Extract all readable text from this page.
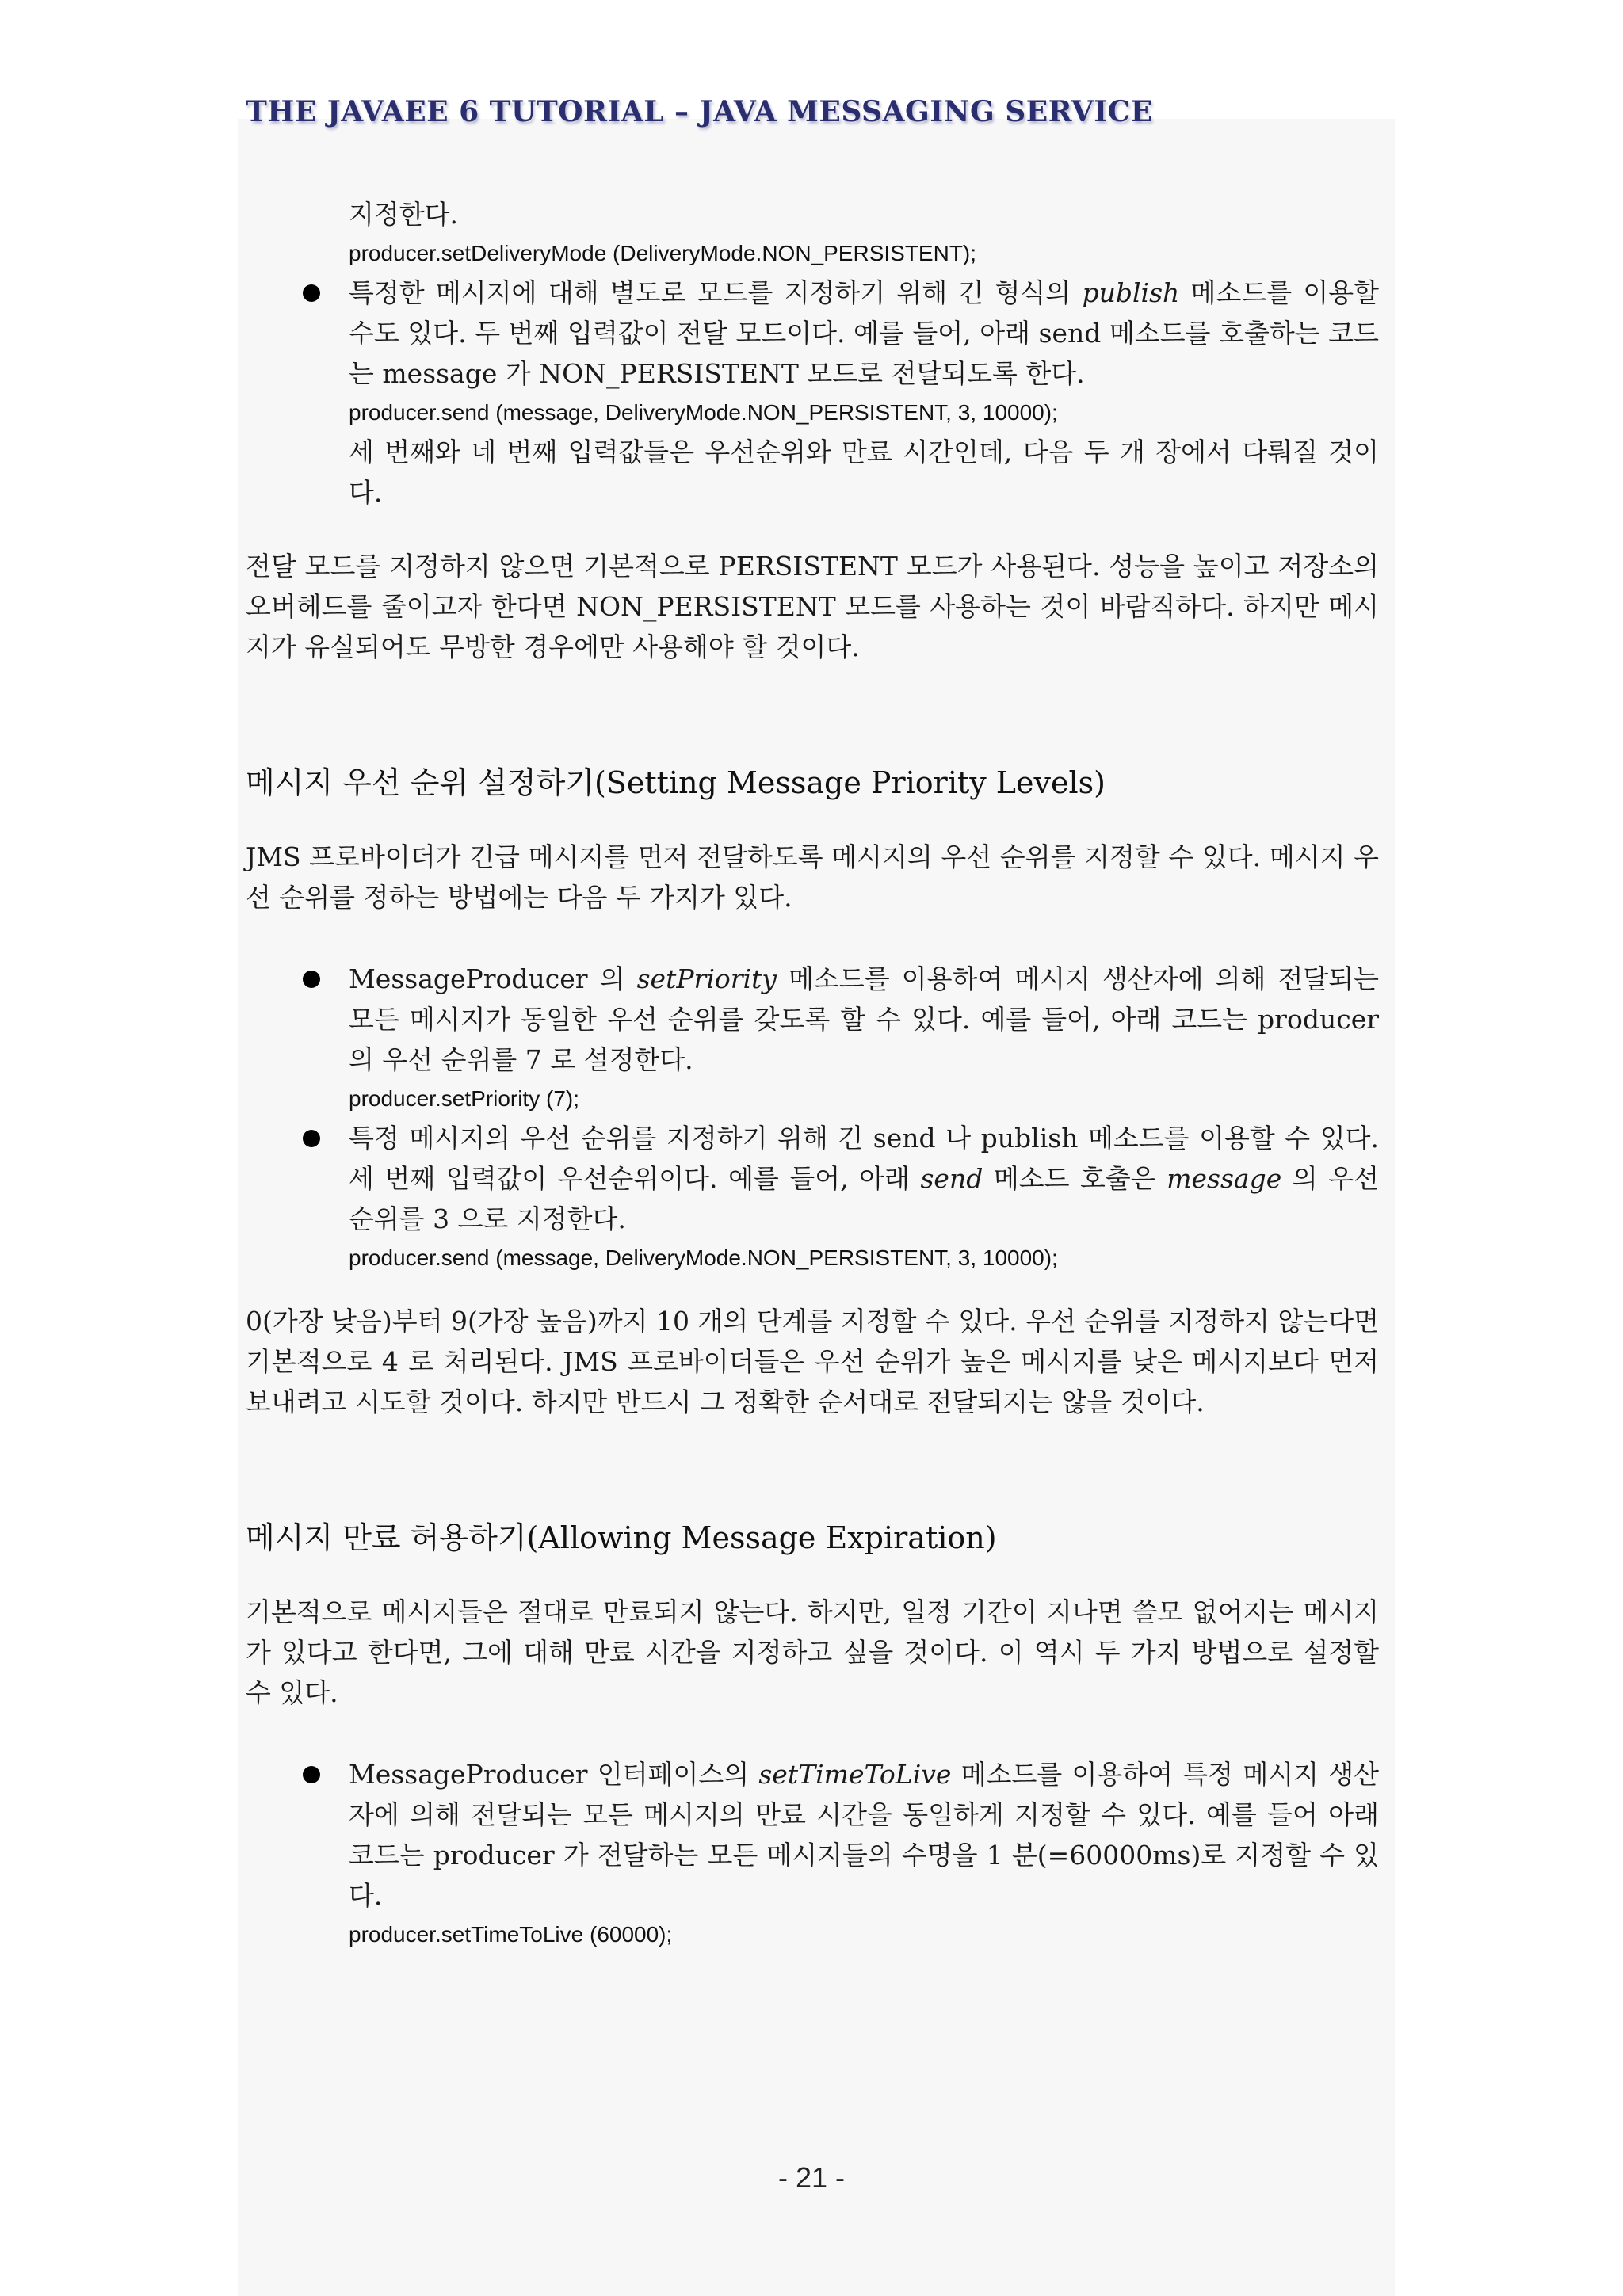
THE JAVAEE 6 TUTORIAL – JAVA MESSAGING SERVICE

지정한다.

producer.setDeliveryMode (DeliveryMode.NON_PERSISTENT);
특정한 메시지에 대해 별도로 모드를 지정하기 위해 긴 형식의 publish 메소드를 이용할 수도 있다. 두 번째 입력값이 전달 모드이다. 예를 들어, 아래 send 메소드를 호출하는 코드는 message 가 NON_PERSISTENT 모드로 전달되도록 한다.
producer.send (message, DeliveryMode.NON_PERSISTENT, 3, 10000);

세 번째와 네 번째 입력값들은 우선순위와 만료 시간인데, 다음 두 개 장에서 다뤄질 것이다.

전달 모드를 지정하지 않으면 기본적으로 PERSISTENT 모드가 사용된다. 성능을 높이고 저장소의 오버헤드를 줄이고자 한다면 NON_PERSISTENT 모드를 사용하는 것이 바람직하다. 하지만 메시지가 유실되어도 무방한 경우에만 사용해야 할 것이다.

메시지 우선 순위 설정하기(Setting Message Priority Levels)

JMS 프로바이더가 긴급 메시지를 먼저 전달하도록 메시지의 우선 순위를 지정할 수 있다. 메시지 우선 순위를 정하는 방법에는 다음 두 가지가 있다.

MessageProducer 의 setPriority 메소드를 이용하여 메시지 생산자에 의해 전달되는 모든 메시지가 동일한 우선 순위를 갖도록 할 수 있다. 예를 들어, 아래 코드는 producer 의 우선 순위를 7 로 설정한다.
producer.setPriority (7);
특정 메시지의 우선 순위를 지정하기 위해 긴 send 나 publish 메소드를 이용할 수 있다. 세 번째 입력값이 우선순위이다. 예를 들어, 아래 send 메소드 호출은 message 의 우선 순위를 3 으로 지정한다.
producer.send (message, DeliveryMode.NON_PERSISTENT, 3, 10000);

0(가장 낮음)부터 9(가장 높음)까지 10 개의 단계를 지정할 수 있다. 우선 순위를 지정하지 않는다면 기본적으로 4 로 처리된다. JMS 프로바이더들은 우선 순위가 높은 메시지를 낮은 메시지보다 먼저 보내려고 시도할 것이다. 하지만 반드시 그 정확한 순서대로 전달되지는 않을 것이다.

메시지 만료 허용하기(Allowing Message Expiration)

기본적으로 메시지들은 절대로 만료되지 않는다. 하지만, 일정 기간이 지나면 쓸모 없어지는 메시지가 있다고 한다면, 그에 대해 만료 시간을 지정하고 싶을 것이다. 이 역시 두 가지 방법으로 설정할 수 있다.

MessageProducer 인터페이스의 setTimeToLive 메소드를 이용하여 특정 메시지 생산자에 의해 전달되는 모든 메시지의 만료 시간을 동일하게 지정할 수 있다. 예를 들어 아래 코드는 producer 가 전달하는 모든 메시지들의 수명을 1 분(=60000ms)로 지정할 수 있다.
producer.setTimeToLive (60000);
- 21 -
